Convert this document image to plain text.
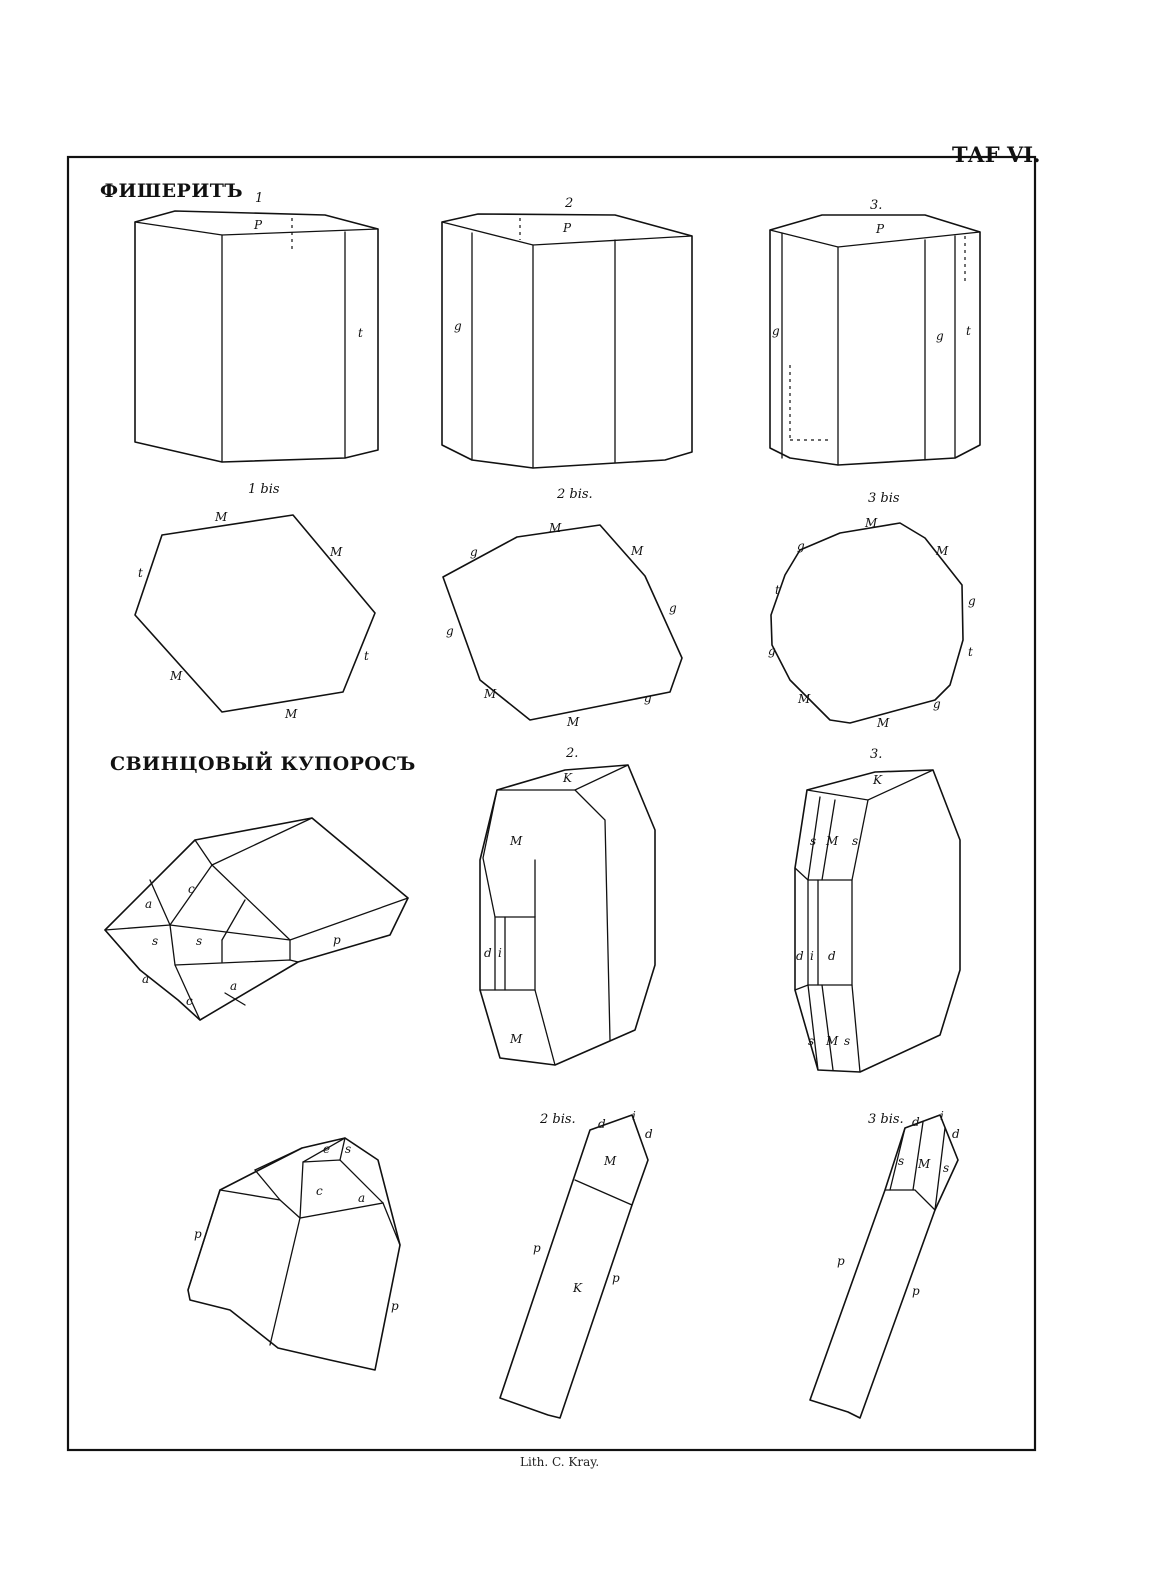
ТАF VI.
ФИШЕРИТЪ
СВИНЦОВЫЙ КУПОРОСЪ
1
P
t
2
P
g
3.
P
g	g t
1 bis
M
M
t
t
M
M
2 bis.
g
M
M
g
g
M
M
g
3 bis
g
M
M
t
g
g	t
M
M
g
a
c
s	s
a
c
a
p
2.
K
M
d i
M
3.
K
s M s
d i d
s M s
e s
c	a
p
p
2 bis. d
i
d
M
K
p
p
3 bis. d i
d
s M s
p
p
Lith. C. Kray.
